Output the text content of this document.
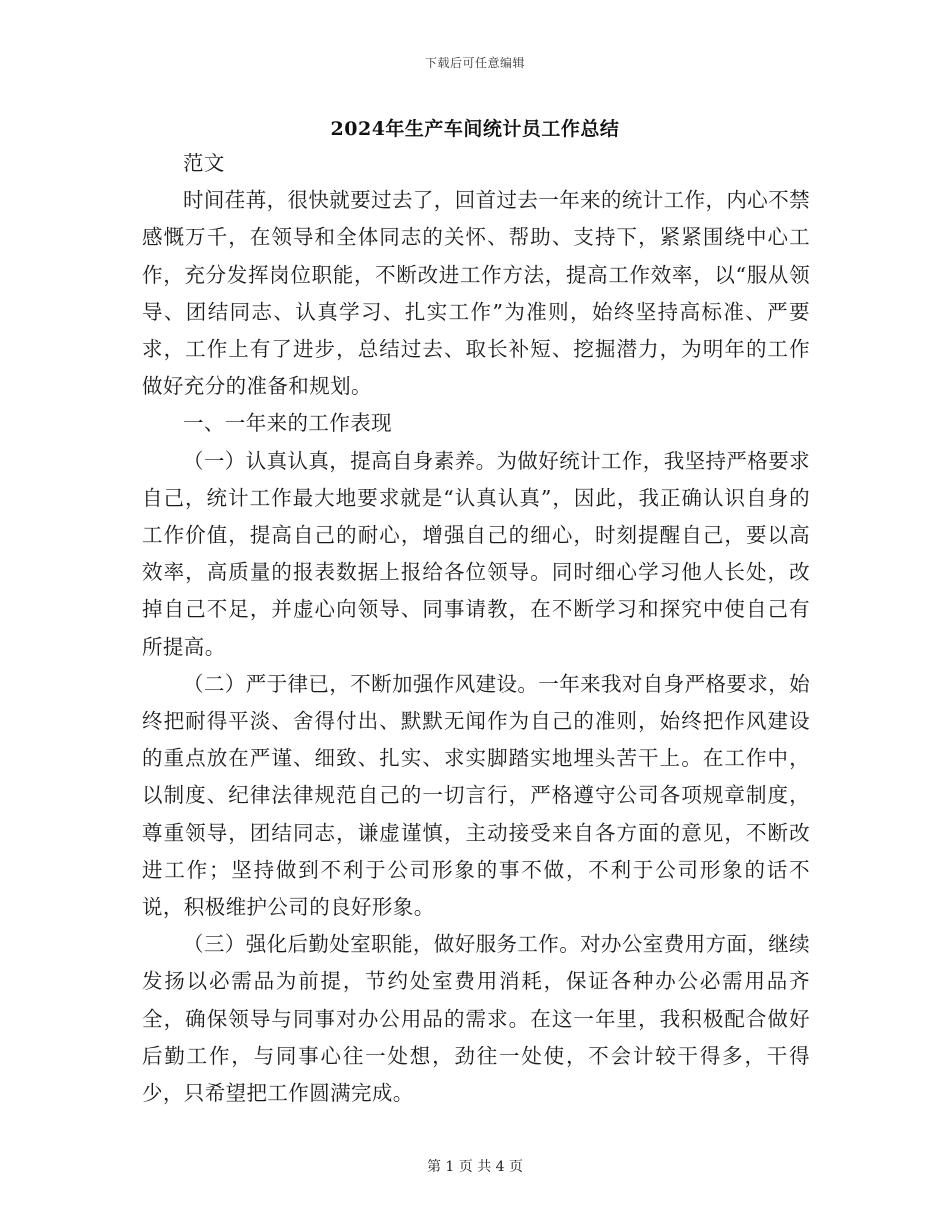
下载后可任意编辑
2024年生产车间统计员工作总结

范文

时间荏苒，很快就要过去了，回首过去一年来的统计工作，内心不禁感慨万千，在领导和全体同志的关怀、帮助、支持下，紧紧围绕中心工作，充分发挥岗位职能，不断改进工作方法，提高工作效率，以“服从领导、团结同志、认真学习、扎实工作”为准则，始终坚持高标准、严要求，工作上有了进步，总结过去、取长补短、挖掘潜力，为明年的工作做好充分的准备和规划。

一、一年来的工作表现

（一）认真认真，提高自身素养。为做好统计工作，我坚持严格要求自己，统计工作最大地要求就是“认真认真”，因此，我正确认识自身的工作价值，提高自己的耐心，增强自己的细心，时刻提醒自己，要以高效率，高质量的报表数据上报给各位领导。同时细心学习他人长处，改掉自己不足，并虚心向领导、同事请教，在不断学习和探究中使自己有所提高。

（二）严于律已，不断加强作风建设。一年来我对自身严格要求，始终把耐得平淡、舍得付出、默默无闻作为自己的准则，始终把作风建设的重点放在严谨、细致、扎实、求实脚踏实地埋头苦干上。在工作中，以制度、纪律法律规范自己的一切言行，严格遵守公司各项规章制度，尊重领导，团结同志，谦虚谨慎，主动接受来自各方面的意见，不断改进工作；坚持做到不利于公司形象的事不做，不利于公司形象的话不说，积极维护公司的良好形象。

（三）强化后勤处室职能，做好服务工作。对办公室费用方面，继续发扬以必需品为前提，节约处室费用消耗，保证各种办公必需用品齐全，确保领导与同事对办公用品的需求。在这一年里，我积极配合做好后勤工作，与同事心往一处想，劲往一处使，不会计较干得多，干得少，只希望把工作圆满完成。

第 1 页 共 4 页
